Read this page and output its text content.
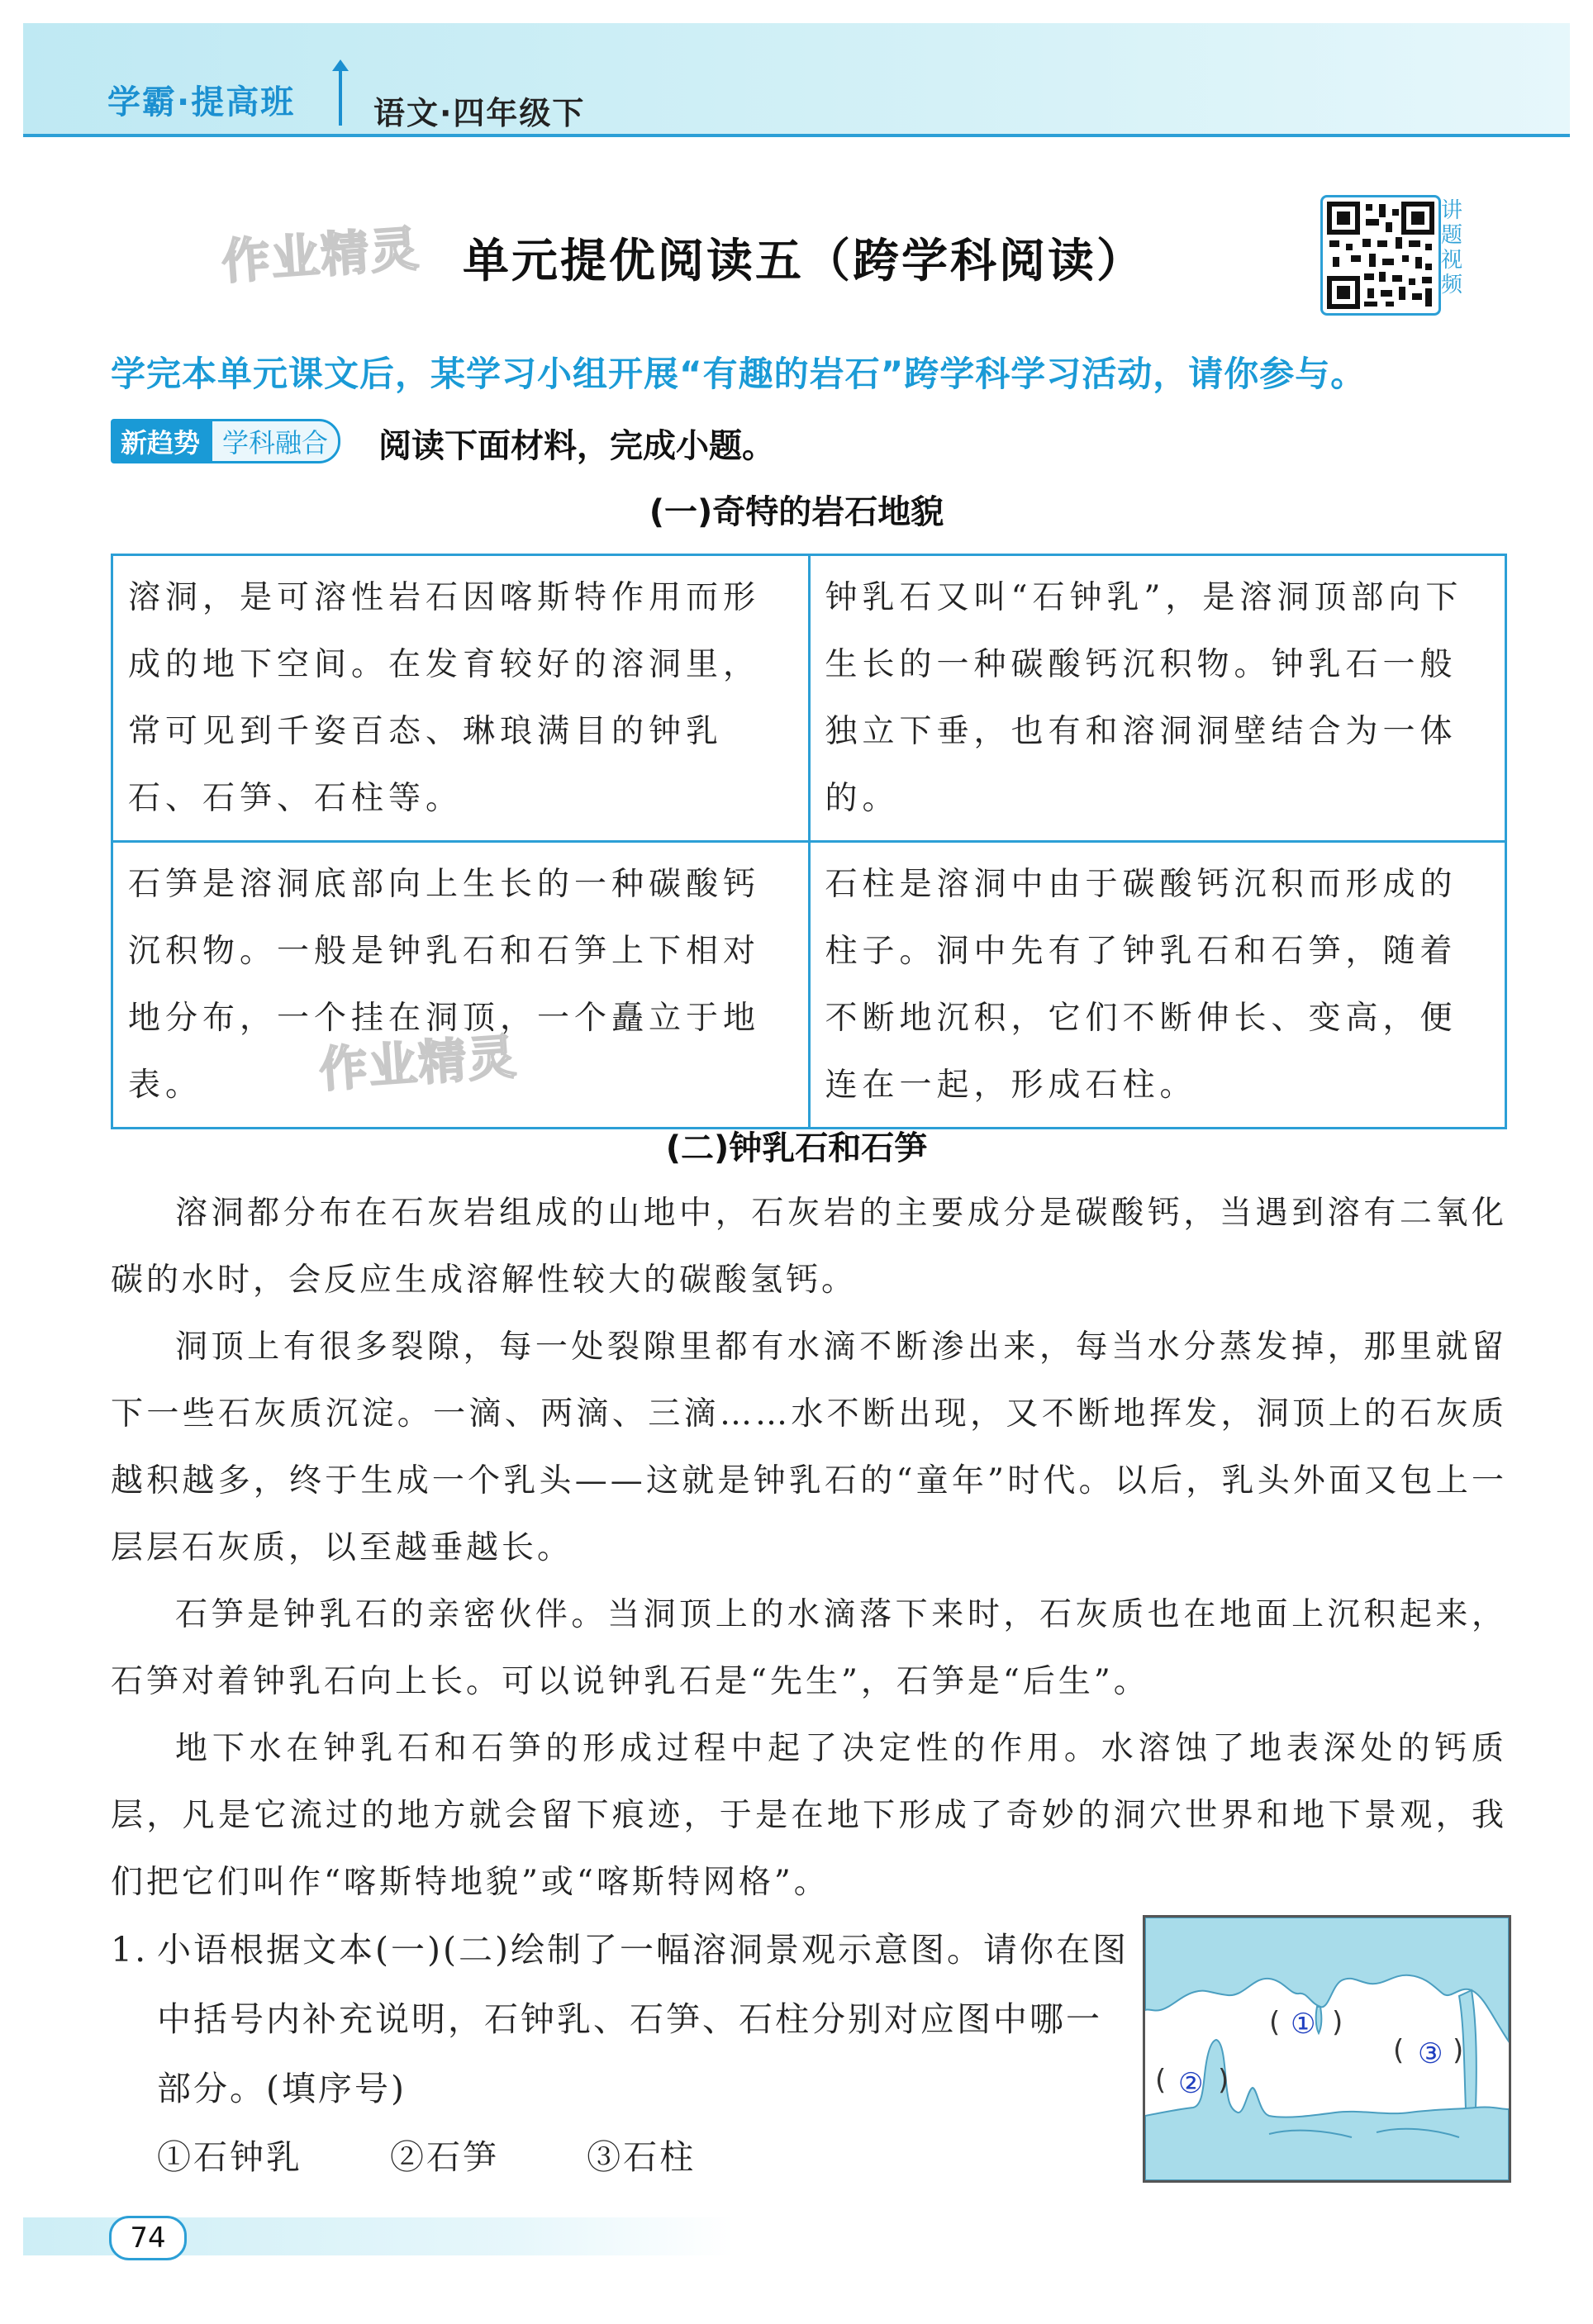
学霸·提高班 语文·四年级下
作业精灵 单元提优阅读五（跨学科阅读）
讲题视频
学完本单元课文后，某学习小组开展“有趣的岩石”跨学科学习活动，请你参与。
新趋势 学科融合	阅读下面材料，完成小题。
(一)奇特的岩石地貌
溶洞，是可溶性岩石因喀斯特作用而形成的地下空间。在发育较好的溶洞里，常可见到千姿百态、琳琅满目的钟乳石、石笋、石柱等。	钟乳石又叫“石钟乳”，是溶洞顶部向下生长的一种碳酸钙沉积物。钟乳石一般独立下垂，也有和溶洞洞壁结合为一体的。
石笋是溶洞底部向上生长的一种碳酸钙沉积物。一般是钟乳石和石笋上下相对地分布，一个挂在洞顶，一个矗立于地表。	石柱是溶洞中由于碳酸钙沉积而形成的柱子。洞中先有了钟乳石和石笋，随着不断地沉积，它们不断伸长、变高，便连在一起，形成石柱。
作业精灵
(二)钟乳石和石笋

溶洞都分布在石灰岩组成的山地中，石灰岩的主要成分是碳酸钙，当遇到溶有二氧化碳的水时，会反应生成溶解性较大的碳酸氢钙。

洞顶上有很多裂隙，每一处裂隙里都有水滴不断渗出来，每当水分蒸发掉，那里就留下一些石灰质沉淀。一滴、两滴、三滴……水不断出现，又不断地挥发，洞顶上的石灰质越积越多，终于生成一个乳头——这就是钟乳石的“童年”时代。以后，乳头外面又包上一层层石灰质，以至越垂越长。

石笋是钟乳石的亲密伙伴。当洞顶上的水滴落下来时，石灰质也在地面上沉积起来，石笋对着钟乳石向上长。可以说钟乳石是“先生”，石笋是“后生”。

地下水在钟乳石和石笋的形成过程中起了决定性的作用。水溶蚀了地表深处的钙质层，凡是它流过的地方就会留下痕迹，于是在地下形成了奇妙的洞穴世界和地下景观，我们把它们叫作“喀斯特地貌”或“喀斯特网格”。

1. 小语根据文本(一)(二)绘制了一幅溶洞景观示意图。请你在图中括号内补充说明，石钟乳、石笋、石柱分别对应图中哪一部分。(填序号)
①石钟乳	②石笋	③石柱
( ① )
( ② )
( ③ )
74
